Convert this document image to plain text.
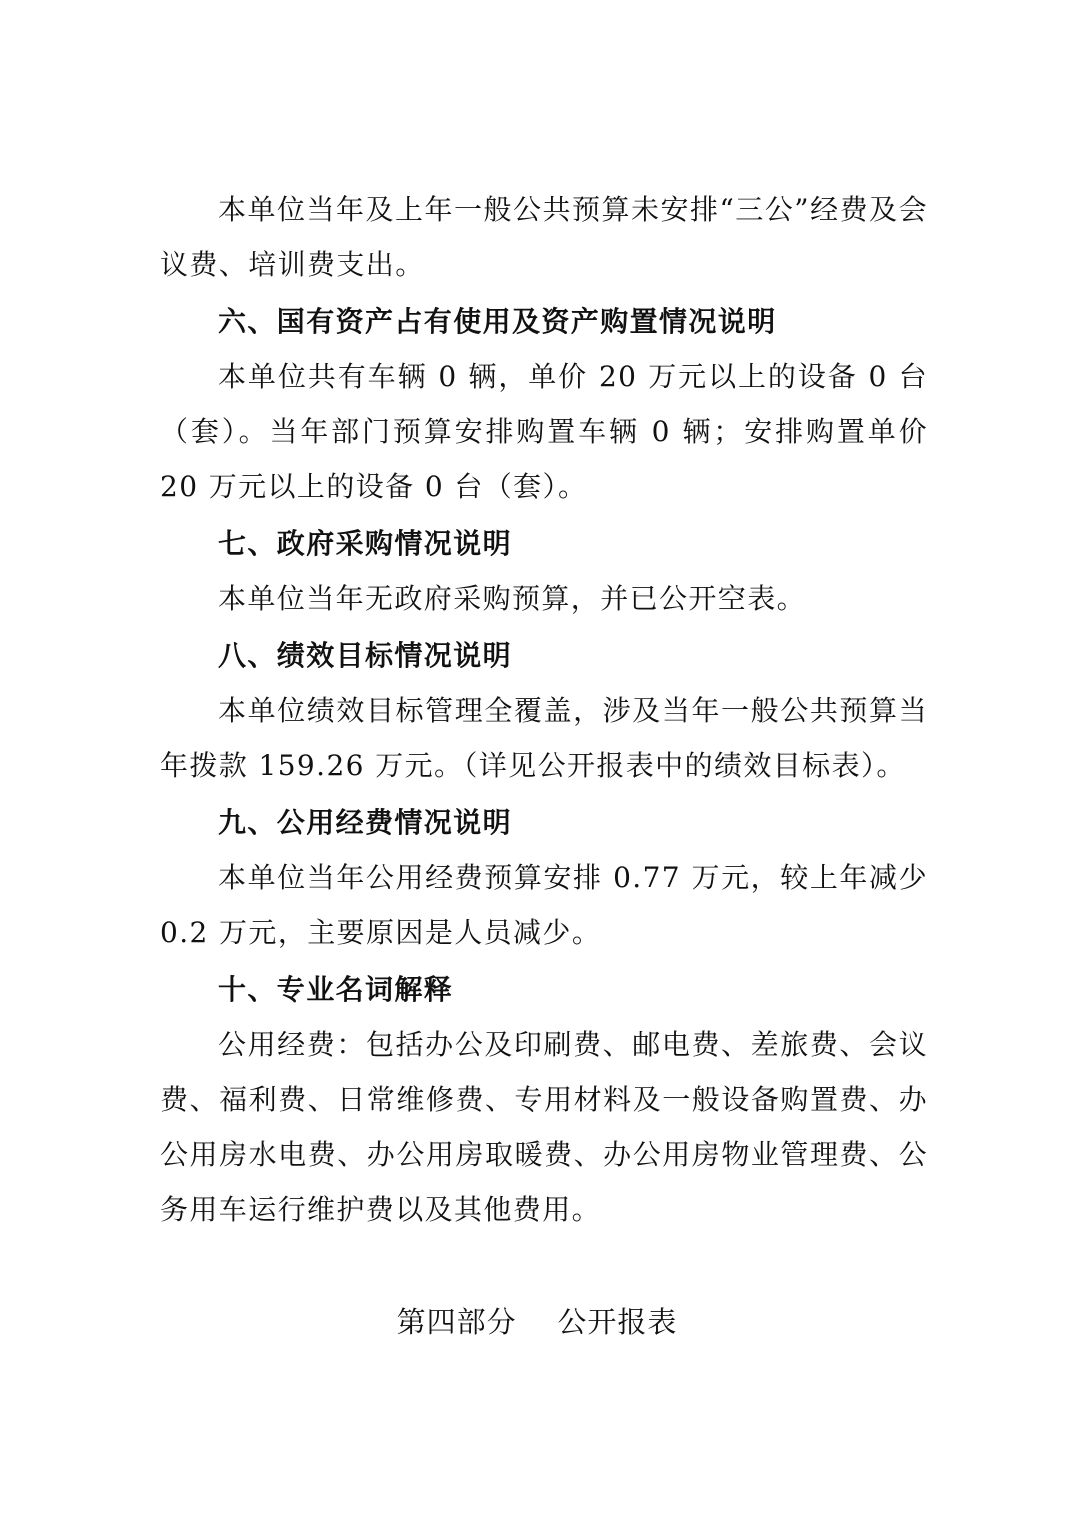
本单位当年及上年一般公共预算未安排“三公”经费及会议费、培训费支出。

六、国有资产占有使用及资产购置情况说明

本单位共有车辆 0 辆，单价 20 万元以上的设备 0 台（套）。当年部门预算安排购置车辆 0 辆；安排购置单价 20 万元以上的设备 0 台（套）。

七、政府采购情况说明

本单位当年无政府采购预算，并已公开空表。

八、绩效目标情况说明

本单位绩效目标管理全覆盖，涉及当年一般公共预算当年拨款 159.26 万元。（详见公开报表中的绩效目标表）。

九、公用经费情况说明

本单位当年公用经费预算安排 0.77 万元，较上年减少 0.2 万元，主要原因是人员减少。

十、专业名词解释

公用经费：包括办公及印刷费、邮电费、差旅费、会议费、福利费、日常维修费、专用材料及一般设备购置费、办公用房水电费、办公用房取暖费、办公用房物业管理费、公务用车运行维护费以及其他费用。

第四部分    公开报表
